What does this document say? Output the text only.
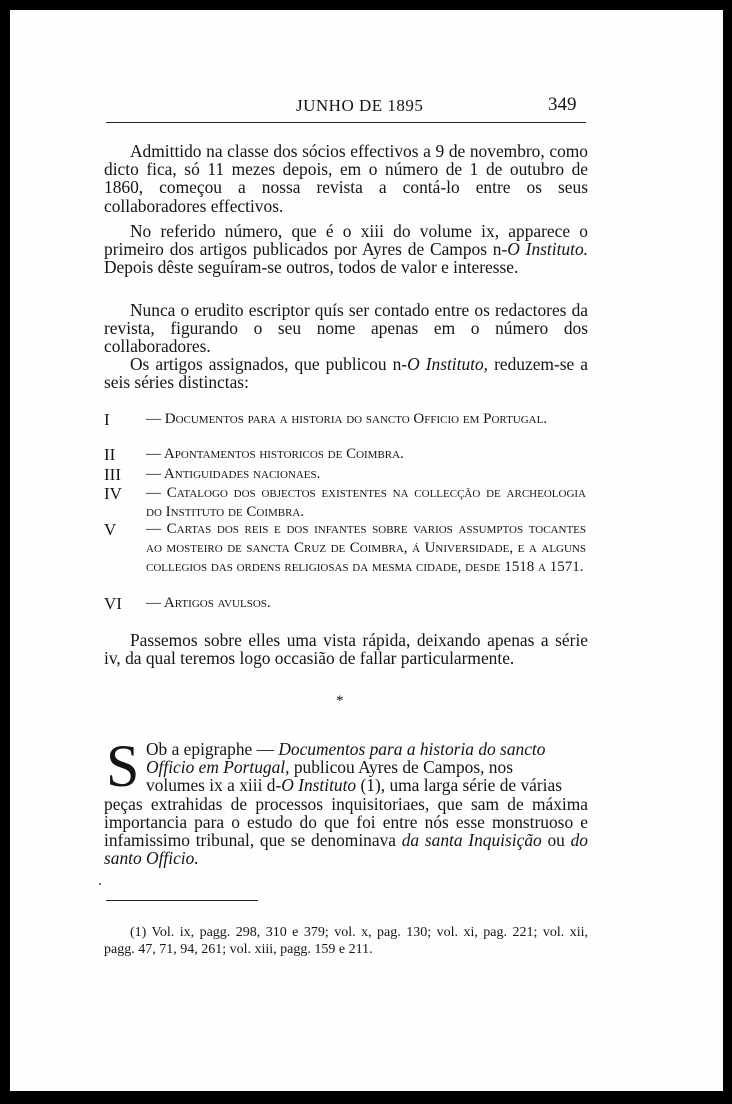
JUNHO DE 1895	349

Admittido na classe dos sócios effectivos a 9 de novembro, como dicto fica, só 11 mezes depois, em o número de 1 de outubro de 1860, começou a nossa revista a contá-lo entre os seus collaboradores effectivos.

No referido número, que é o xiii do volume ix, apparece o primeiro dos artigos publicados por Ayres de Campos n-O Instituto. Depois dêste seguíram-se outros, todos de valor e interesse.

Nunca o erudito escriptor quís ser contado entre os redactores da revista, figurando o seu nome apenas em o número dos collaboradores.

Os artigos assignados, que publicou n-O Instituto, reduzem-se a seis séries distinctas:

I — Documentos para a historia do sancto Officio em Portugal.
II — Apontamentos historicos de Coimbra.
III — Antiguidades nacionaes.
IV — Catalogo dos objectos existentes na collecção de archeologia do Instituto de Coimbra.
V — Cartas dos reis e dos infantes sobre varios assumptos tocantes ao mosteiro de sancta Cruz de Coimbra, á Universidade, e a alguns collegios das ordens religiosas da mesma cidade, desde 1518 a 1571.
VI — Artigos avulsos.

Passemos sobre elles uma vista rápida, deixando apenas a série iv, da qual teremos logo occasião de fallar particularmente.

*
S Ob a epigraphe — Documentos para a historia do sancto
Officio em Portugal, publicou Ayres de Campos, nos
volumes ix a xiii d-O Instituto (1), uma larga série de várias
peças extrahidas de processos inquisitoriaes, que sam de máxima importancia para o estudo do que foi entre nós esse monstruoso e infamissimo tribunal, que se denominava da santa Inquisição ou do santo Officio.

(1) Vol. ix, pagg. 298, 310 e 379; vol. x, pag. 130; vol. xi, pag. 221; vol. xii, pagg. 47, 71, 94, 261; vol. xiii, pagg. 159 e 211.
